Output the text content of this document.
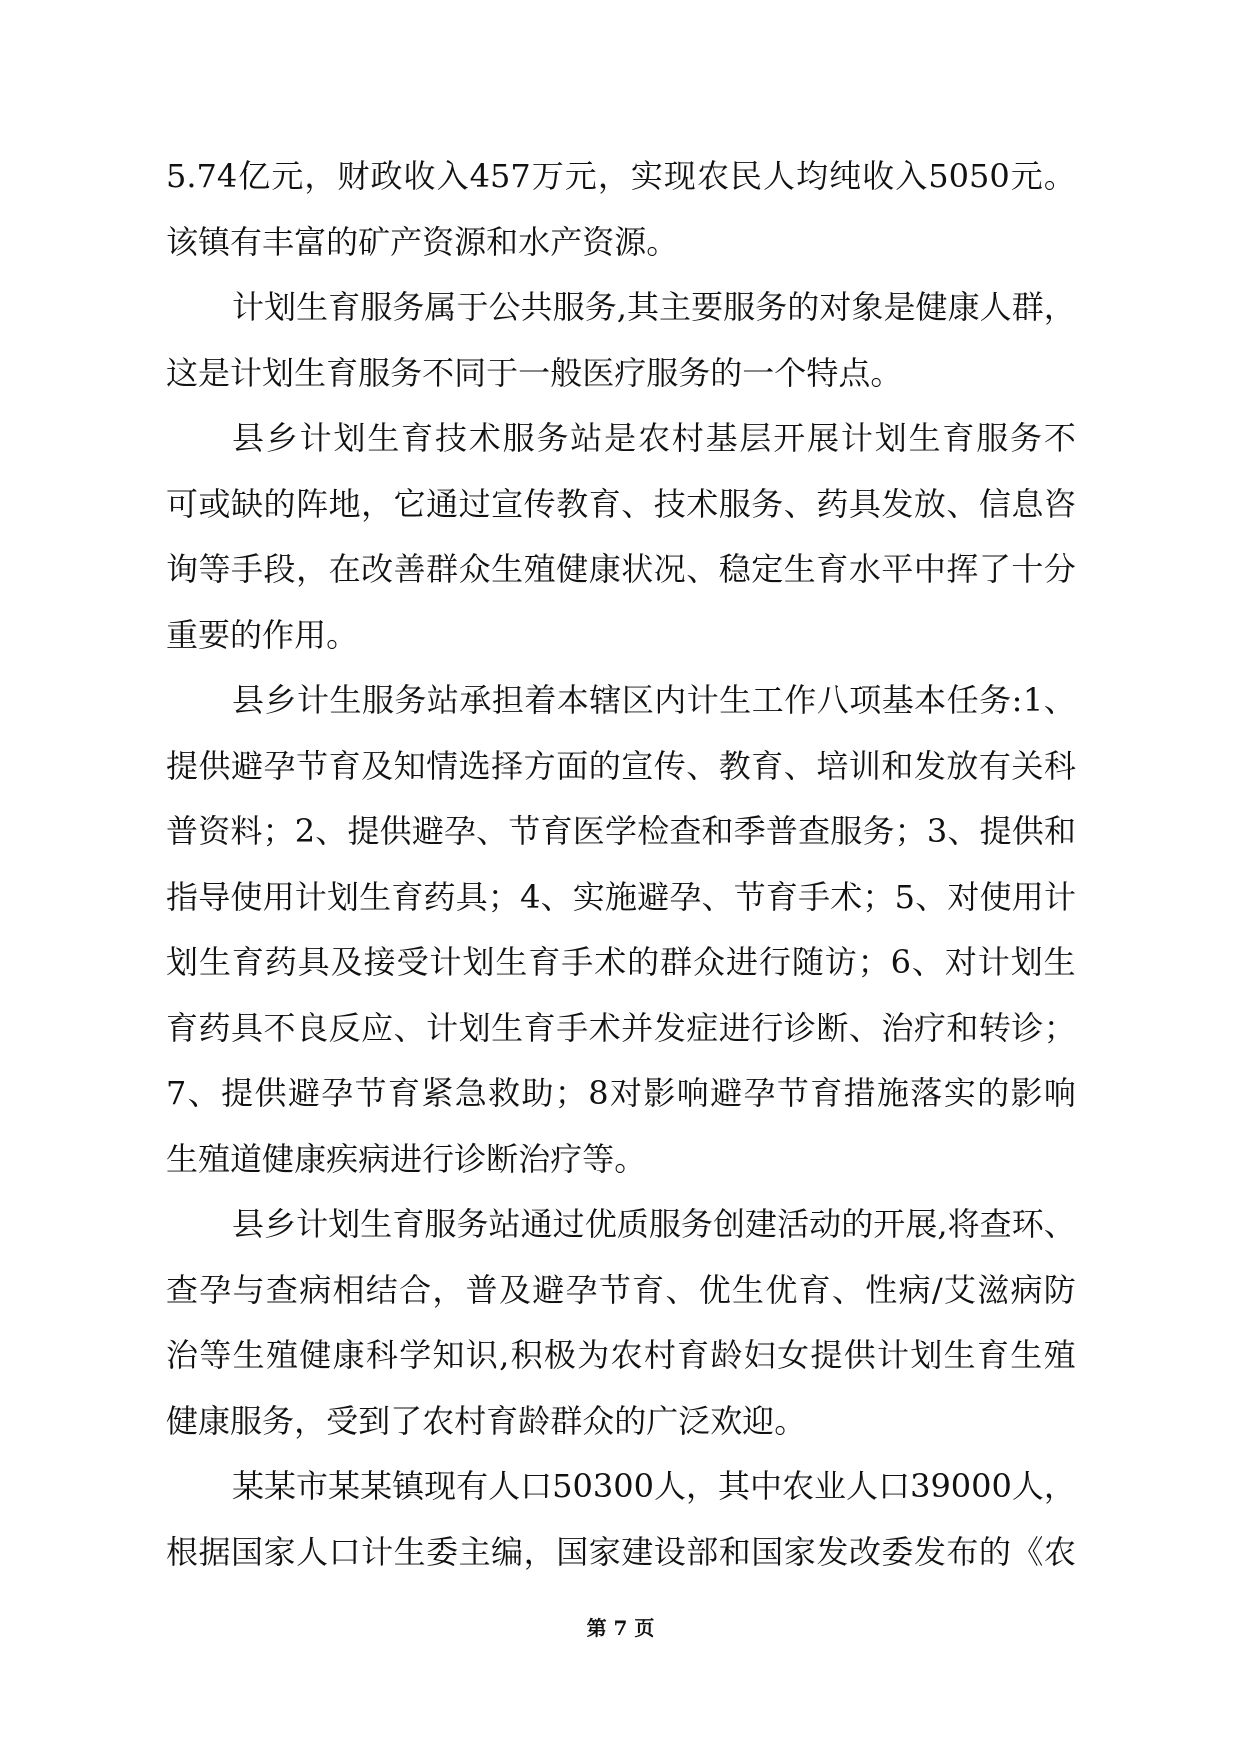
5.74 亿 元 ， 财 政 收 入 457 万 元 ， 实 现 农 民 人 均 纯 收 入 5050 元 。
该 镇 有 丰 富 的 矿 产 资 源 和 水 产 资 源 。
计 划 生 育 服 务 属 于 公 共 服 务 , 其 主 要 服 务 的 对 象 是 健 康 人 群 ，
这 是 计 划 生 育 服 务 不 同 于 一 般 医 疗 服 务 的 一 个 特 点 。
县 乡 计 划 生 育 技 术 服 务 站 是 农 村 基 层 开 展 计 划 生 育 服 务 不
可 或 缺 的 阵 地 ， 它 通 过 宣 传 教 育 、 技 术 服 务 、 药 具 发 放 、 信 息 咨
询 等 手 段 ， 在 改 善 群 众 生 殖 健 康 状 况 、 稳 定 生 育 水 平 中 挥 了 十 分
重 要 的 作 用 。
县 乡 计 生 服 务 站 承 担 着 本 辖 区 内 计 生 工 作 八 项 基 本 任 务 : 1 、
提 供 避 孕 节 育 及 知 情 选 择 方 面 的 宣 传 、 教 育 、 培 训 和 发 放 有 关 科
普 资 料 ； 2 、 提 供 避 孕 、 节 育 医 学 检 查 和 季 普 查 服 务 ； 3 、 提 供 和
指 导 使 用 计 划 生 育 药 具 ； 4 、 实 施 避 孕 、 节 育 手 术 ； 5 、 对 使 用 计
划 生 育 药 具 及 接 受 计 划 生 育 手 术 的 群 众 进 行 随 访 ； 6 、 对 计 划 生
育 药 具 不 良 反 应 、 计 划 生 育 手 术 并 发 症 进 行 诊 断 、 治 疗 和 转 诊 ；
7 、 提 供 避 孕 节 育 紧 急 救 助 ； 8 对 影 响 避 孕 节 育 措 施 落 实 的 影 响
生 殖 道 健 康 疾 病 进 行 诊 断 治 疗 等 。
县 乡 计 划 生 育 服 务 站 通 过 优 质 服 务 创 建 活 动 的 开 展 , 将 查 环 、
查 孕 与 查 病 相 结 合 ， 普 及 避 孕 节 育 、 优 生 优 育 、 性 病 / 艾 滋 病 防
治 等 生 殖 健 康 科 学 知 识 , 积 极 为 农 村 育 龄 妇 女 提 供 计 划 生 育 生 殖
健 康 服 务 ， 受 到 了 农 村 育 龄 群 众 的 广 泛 欢 迎 。
某 某 市 某 某 镇 现 有 人 口 50300 人 ， 其 中 农 业 人 口 39000 人 ，
根 据 国 家 人 口 计 生 委 主 编 ， 国 家 建 设 部 和 国 家 发 改 委 发 布 的 《 农
第 7 页
